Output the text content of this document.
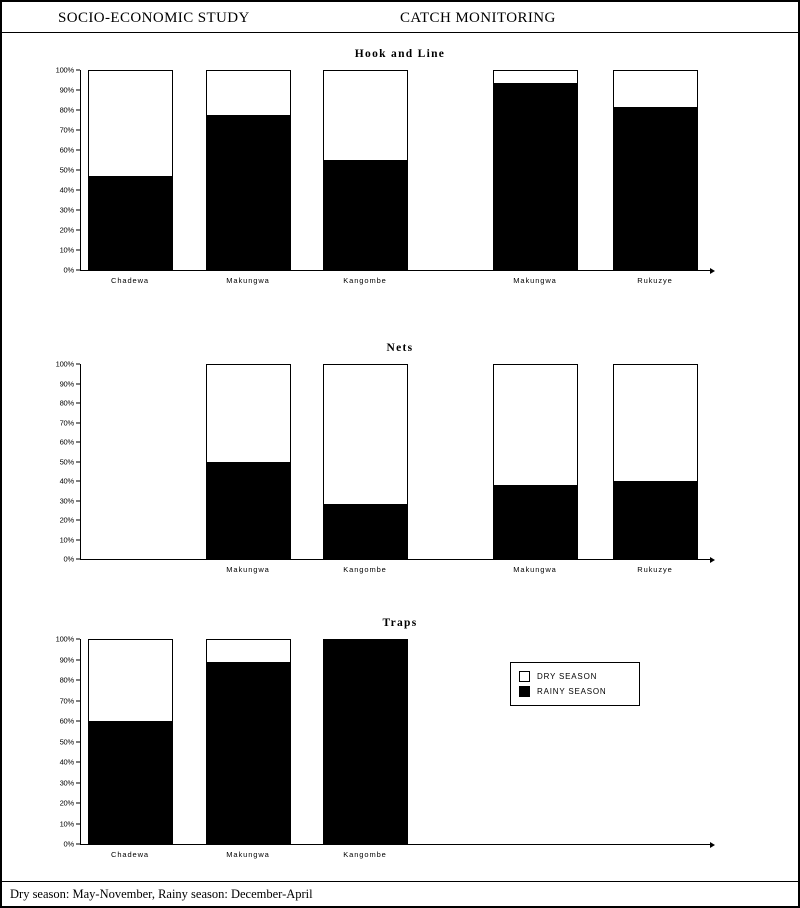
SOCIO-ECONOMIC STUDY	CATCH MONITORING
Hook and Line
0%
10%
20%
30%
40%
50%
60%
70%
80%
90%
100%
Chadewa	Makungwa	Kangombe	Makungwa	Rukuzye
Nets
0%
10%
20%
30%
40%
50%
60%
70%
80%
90%
100%
Makungwa	Kangombe	Makungwa	Rukuzye
Traps
0%
10%
20%
30%
40%
50%
60%
70%
80%
90%
100%
Chadewa	Makungwa	Kangombe
DRY SEASON
RAINY SEASON
Dry season: May-November, Rainy season: December-April
